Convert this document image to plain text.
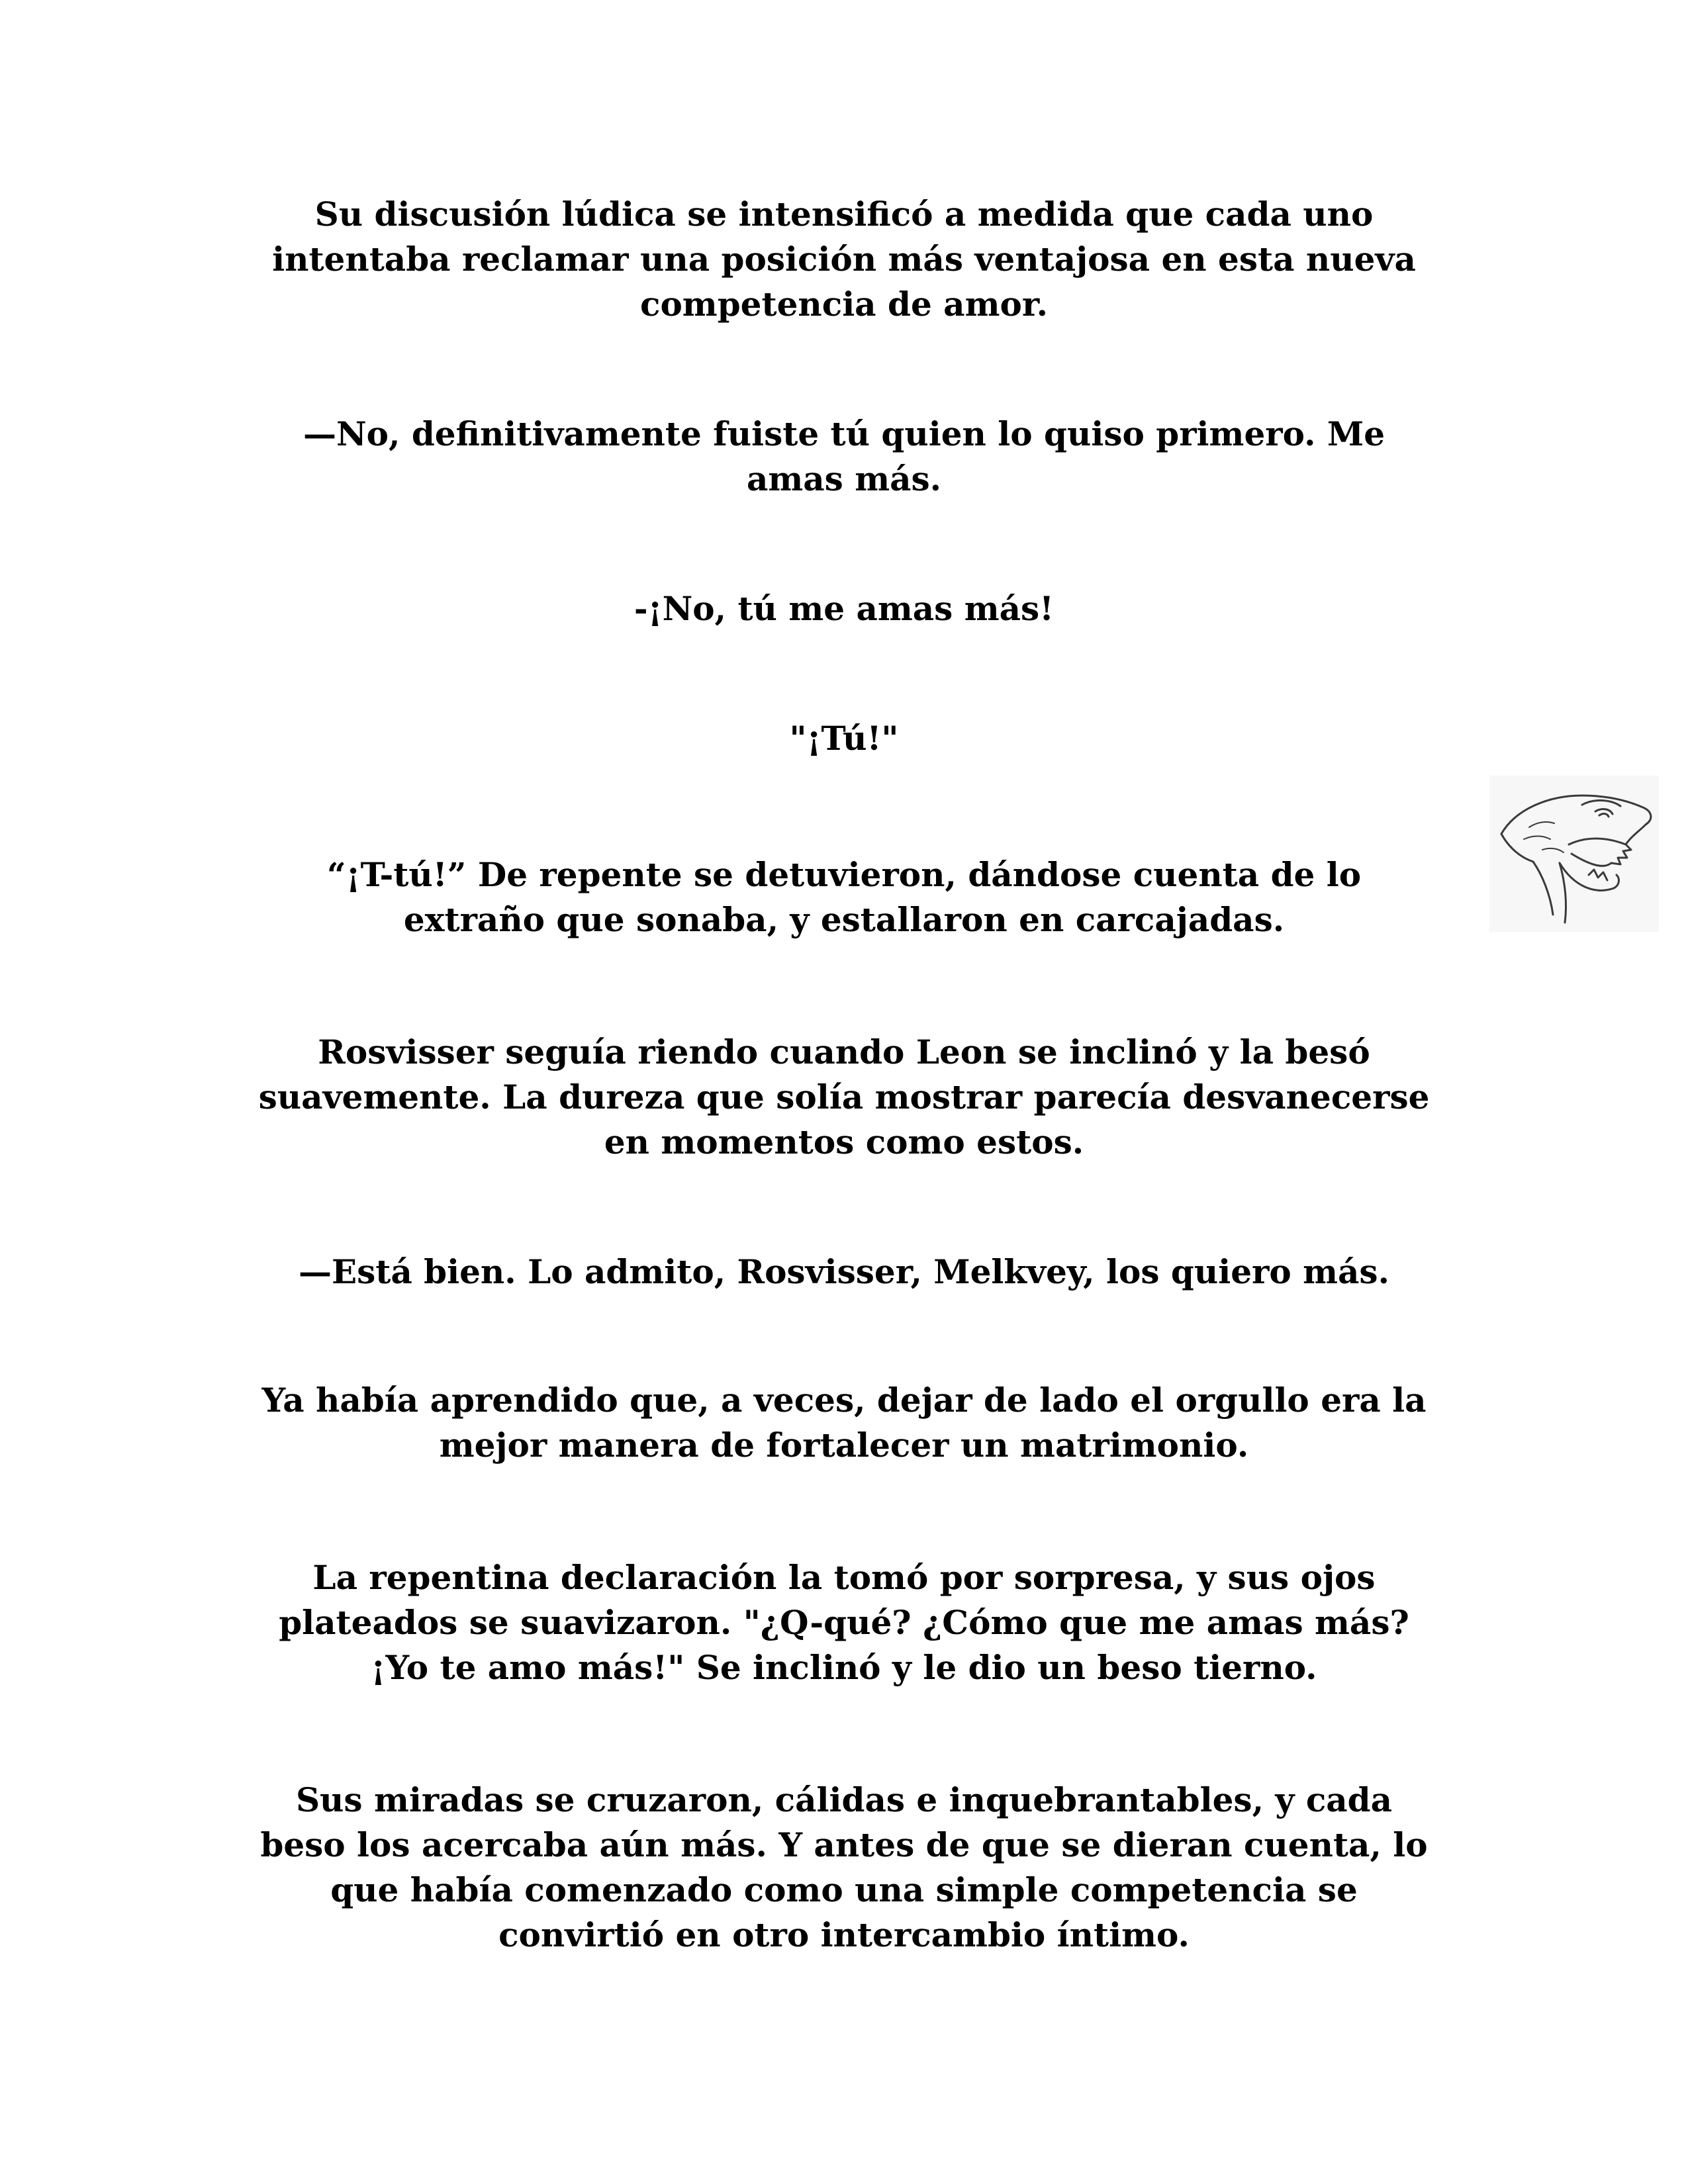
Su discusión lúdica se intensificó a medida que cada uno
intentaba reclamar una posición más ventajosa en esta nueva
competencia de amor.

—No, definitivamente fuiste tú quien lo quiso primero. Me
amas más.

-¡No, tú me amas más!

"¡Tú!"

“¡T-tú!” De repente se detuvieron, dándose cuenta de lo
extraño que sonaba, y estallaron en carcajadas.

Rosvisser seguía riendo cuando Leon se inclinó y la besó
suavemente. La dureza que solía mostrar parecía desvanecerse
en momentos como estos.

—Está bien. Lo admito, Rosvisser, Melkvey, los quiero más.

Ya había aprendido que, a veces, dejar de lado el orgullo era la
mejor manera de fortalecer un matrimonio.

La repentina declaración la tomó por sorpresa, y sus ojos
plateados se suavizaron. "¿Q-qué? ¿Cómo que me amas más?
¡Yo te amo más!" Se inclinó y le dio un beso tierno.

Sus miradas se cruzaron, cálidas e inquebrantables, y cada
beso los acercaba aún más. Y antes de que se dieran cuenta, lo
que había comenzado como una simple competencia se
convirtió en otro intercambio íntimo.
